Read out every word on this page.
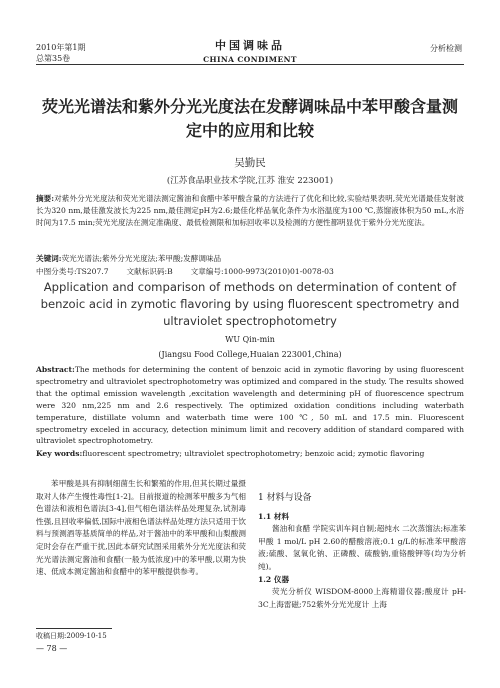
2010年第1期
总第35卷
中国调味品
CHINA CONDIMENT
分析检测
荧光光谱法和紫外分光光度法在发酵调味品中苯甲酸含量测定中的应用和比较
吴勤民
(江苏食品职业技术学院,江苏 淮安 223001)
摘要:对紫外分光光度法和荧光光谱法测定酱油和食醋中苯甲酸含量的方法进行了优化和比较,实验结果表明,荧光光谱最佳发射波长为320 nm,最佳激发波长为225 nm,最佳测定pH为2.6;最佳化样品氧化条件为水浴温度为100 ℃,蒸馏液体积为50 mL,水浴时间为17.5 min;荧光光度法在测定准确度、最低检测限和加标回收率以及检测的方便性都明显优于紫外分光光度法。
关键词:荧光光谱法;紫外分光光度法;苯甲酸;发酵调味品
中图分类号:TS207.7 文献标识码:B 文章编号:1000-9973(2010)01-0078-03
Application and comparison of methods on determination of content of benzoic acid in zymotic flavoring by using fluorescent spectrometry and ultraviolet spectrophotometry
WU Qin-min
(Jiangsu Food College,Huaian 223001,China)
Abstract:The methods for determining the content of benzoic acid in zymotic flavoring by using fluorescent spectrometry and ultraviolet spectrophotometry was optimized and compared in the study. The results showed that the optimal emission wavelength ,excitation wavelength and determining pH of fluorescence spectrum were 320 nm,225 nm and 2.6 respectively. The optimized oxidation conditions including waterbath temperature, distillate volumn and waterbath time were 100 ℃, 50 mL and 17.5 min. Fluorescent spectrometry exceled in accuracy, detection minimum limit and recovery addition of standard compared with ultraviolet spectrophotometry.
Key words:fluorescent spectrometry; ultraviolet spectrophotometry; benzoic acid; zymotic flavoring

苯甲酸是具有抑制细菌生长和繁殖的作用,但其长期过量摄取对人体产生慢性毒性[1-2]。目前报道的检测苯甲酸多为气相色谱法和液相色谱法[3-4],但气相色谱法样品处理复杂,试剂毒性强,且回收率偏低,国际中液相色谱法样品处理方法只适用于饮料与预测酒等基质简单的样品,对于酱油中的苯甲酸和山梨酸测定时会存在严重干扰,因此本研究试图采用紫外分光光度法和荧光光谱法测定酱油和食醋(一般为低浓度)中的苯甲酸,以期为快速、低成本测定酱油和食醋中的苯甲酸提供参考。

1 材料与设备
1.1 材料

酱油和食醋 学院实训车间自制;超纯水 二次蒸馏法;标准苯甲酸 1 mol/L pH 2.60的醋酸溶液;0.1 g/L的标准苯甲酸溶液;硫酸、氢氧化钠、正磷酸、硫酸钠,重铬酸钾等(均为分析纯)。

1.2 仪器

荧光分析仪 WISDOM-8000上海精谱仪器;酸度计 pH-3C上海雷磁;752紫外分光光度计 上海

收稿日期:2009-10-15
— 78 —
